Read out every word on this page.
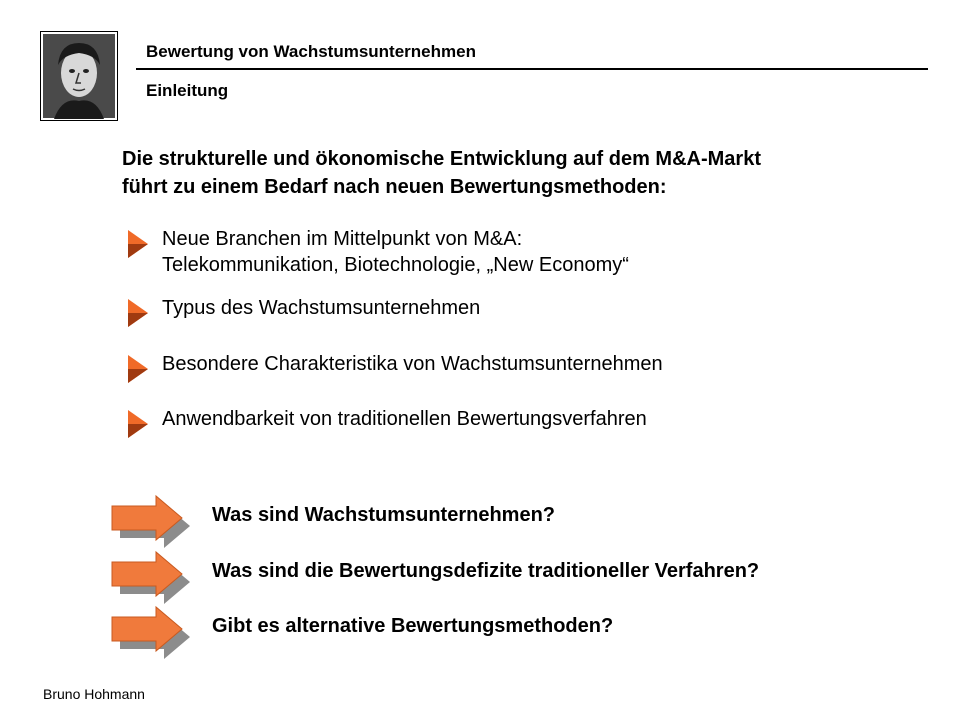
Bewertung von Wachstumsunternehmen
Einleitung
Die strukturelle und ökonomische Entwicklung auf dem M&A-Markt
führt zu einem Bedarf nach neuen Bewertungsmethoden:
Neue Branchen im Mittelpunkt von M&A:
Telekommunikation, Biotechnologie, „New Economy“
Typus des Wachstumsunternehmen
Besondere Charakteristika von Wachstumsunternehmen
Anwendbarkeit von traditionellen Bewertungsverfahren
Was sind Wachstumsunternehmen?
Was sind die Bewertungsdefizite traditioneller Verfahren?
Gibt es alternative Bewertungsmethoden?
Bruno Hohmann
